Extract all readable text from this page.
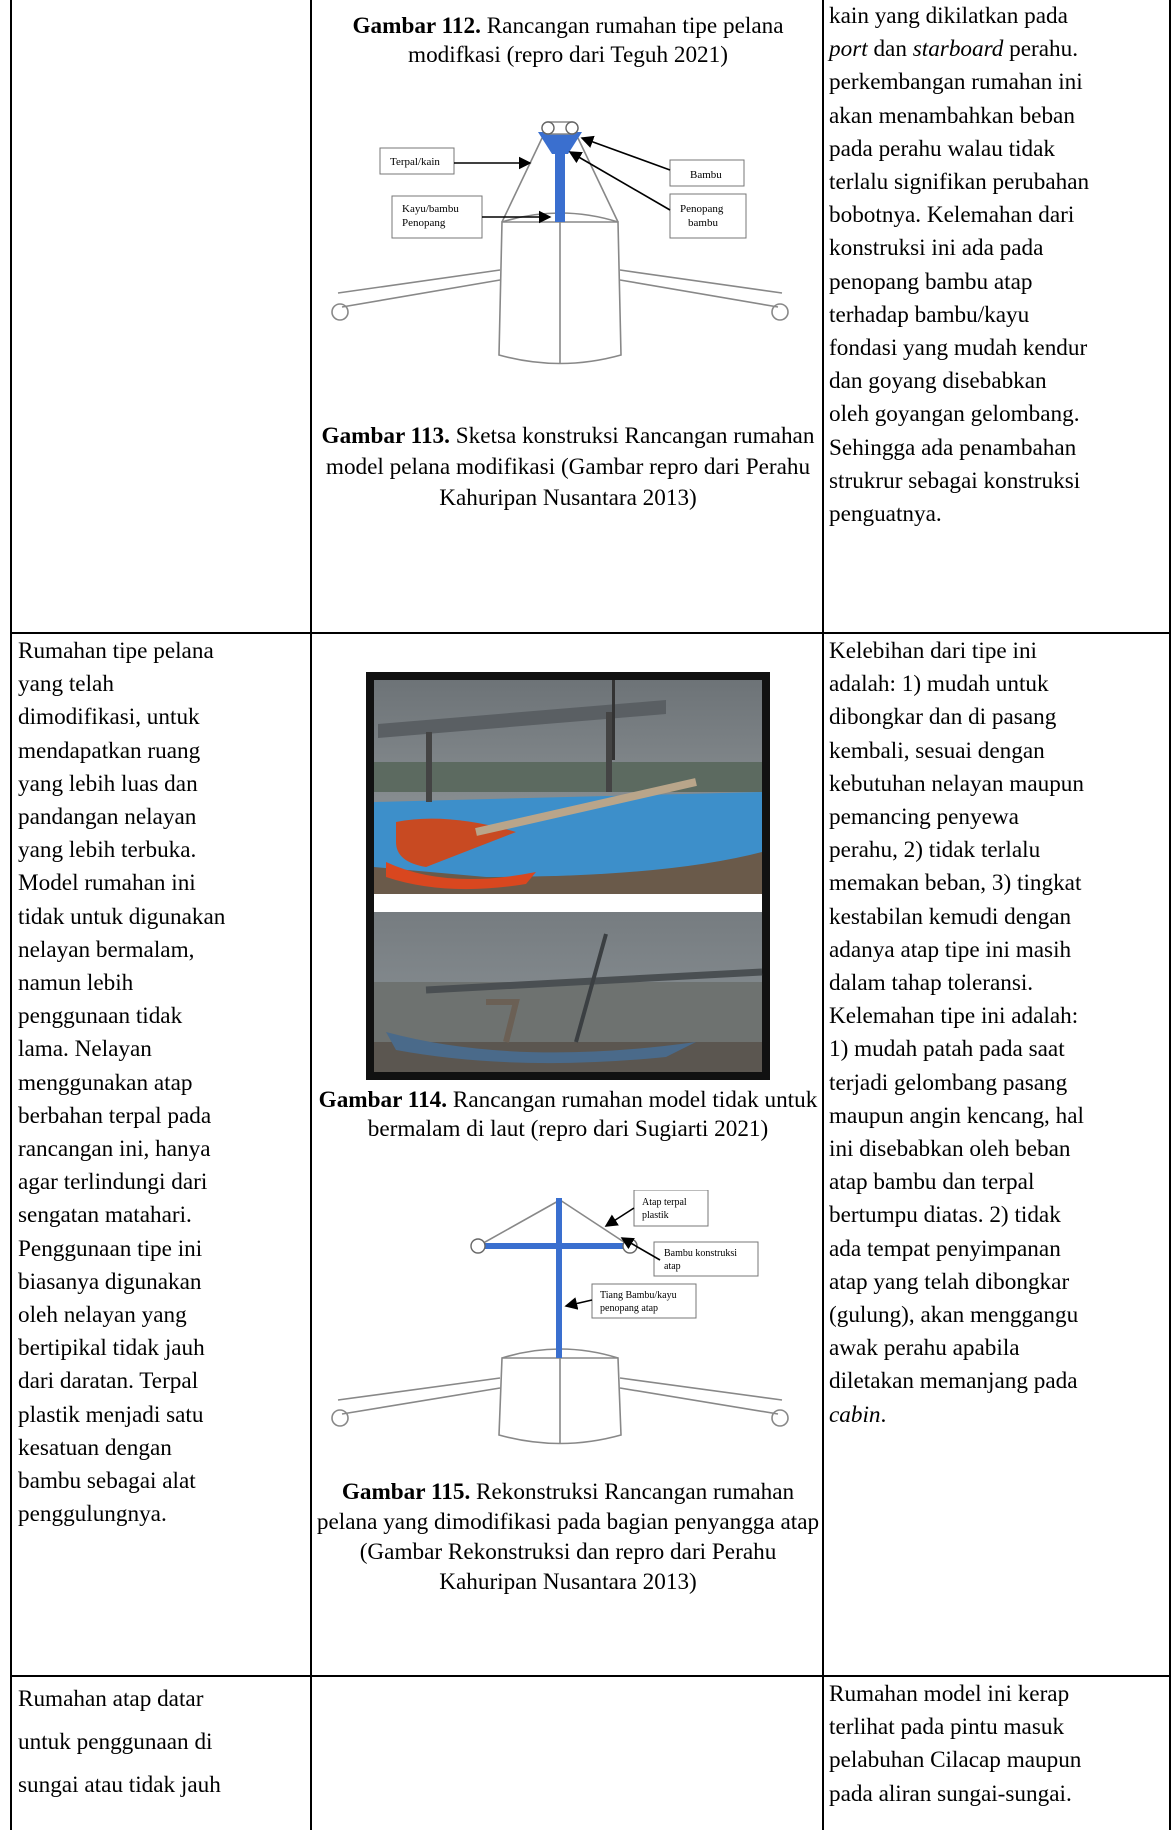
Gambar 112. Rancangan rumahan tipe pelana modifkasi (repro dari Teguh 2021)
Terpal/kain
Kayu/bambu
Penopang
Bambu
Penopang
bambu
Gambar 113. Sketsa konstruksi Rancangan rumahan model pelana modifikasi (Gambar repro dari Perahu Kahuripan Nusantara 2013)
kain yang dikilatkan pada
port dan starboard perahu.
perkembangan rumahan ini
akan menambahkan beban
pada perahu walau tidak
terlalu signifikan perubahan
bobotnya. Kelemahan dari
konstruksi ini ada pada
penopang bambu atap
terhadap bambu/kayu
fondasi yang mudah kendur
dan goyang disebabkan
oleh goyangan gelombang.
Sehingga ada penambahan
strukrur sebagai konstruksi
penguatnya.
Rumahan tipe pelana
yang telah
dimodifikasi, untuk
mendapatkan ruang
yang lebih luas dan
pandangan nelayan
yang lebih terbuka.
Model rumahan ini
tidak untuk digunakan
nelayan bermalam,
namun lebih
penggunaan tidak
lama. Nelayan
menggunakan atap
berbahan terpal pada
rancangan ini, hanya
agar terlindungi dari
sengatan matahari.
Penggunaan tipe ini
biasanya digunakan
oleh nelayan yang
bertipikal tidak jauh
dari daratan. Terpal
plastik menjadi satu
kesatuan dengan
bambu sebagai alat
penggulungnya.
Gambar 114. Rancangan rumahan model tidak untuk bermalam di laut (repro dari Sugiarti 2021)
Atap terpal
plastik
Bambu konstruksi
atap
Tiang Bambu/kayu
penopang atap
Gambar 115. Rekonstruksi Rancangan rumahan pelana yang dimodifikasi pada bagian penyangga atap (Gambar Rekonstruksi dan repro dari Perahu Kahuripan Nusantara 2013)
Kelebihan dari tipe ini
adalah: 1) mudah untuk
dibongkar dan di pasang
kembali, sesuai dengan
kebutuhan nelayan maupun
pemancing penyewa
perahu, 2) tidak terlalu
memakan beban, 3) tingkat
kestabilan kemudi dengan
adanya atap tipe ini masih
dalam tahap toleransi.
Kelemahan tipe ini adalah:
1) mudah patah pada saat
terjadi gelombang pasang
maupun angin kencang, hal
ini disebabkan oleh beban
atap bambu dan terpal
bertumpu diatas. 2) tidak
ada tempat penyimpanan
atap yang telah dibongkar
(gulung), akan menggangu
awak perahu apabila
diletakan memanjang pada
cabin.
Rumahan atap datar
untuk penggunaan di
sungai atau tidak jauh
Rumahan model ini kerap
terlihat pada pintu masuk
pelabuhan Cilacap maupun
pada aliran sungai-sungai.
